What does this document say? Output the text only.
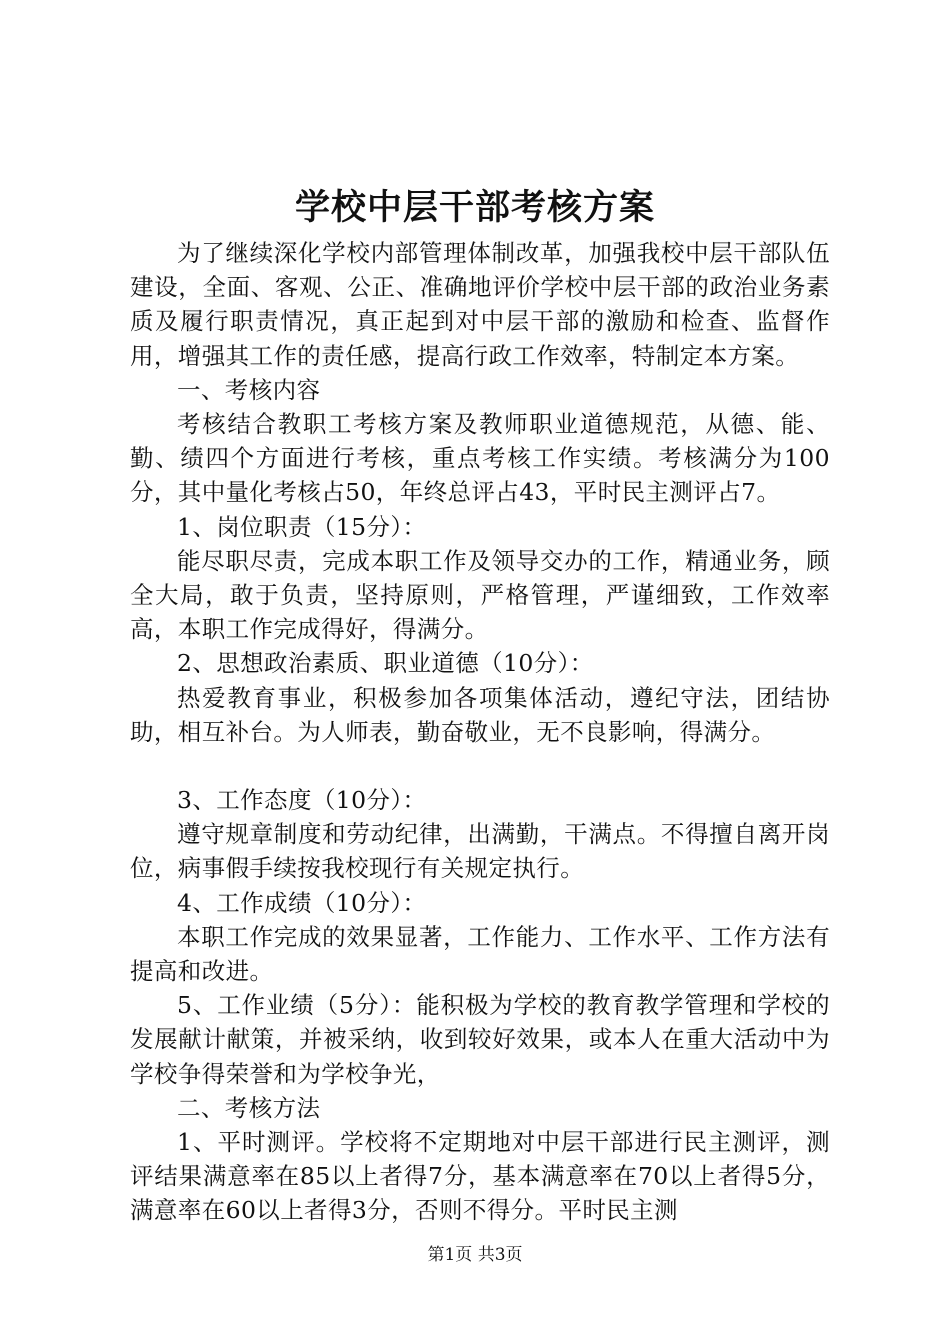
学校中层干部考核方案

为了继续深化学校内部管理体制改革，加强我校中层干部队伍建设，全面、客观、公正、准确地评价学校中层干部的政治业务素质及履行职责情况，真正起到对中层干部的激励和检查、监督作用，增强其工作的责任感，提高行政工作效率，特制定本方案。

一、考核内容

考核结合教职工考核方案及教师职业道德规范，从德、能、勤、绩四个方面进行考核，重点考核工作实绩。考核满分为100分，其中量化考核占50，年终总评占43，平时民主测评占7。

1、岗位职责（15分）：

能尽职尽责，完成本职工作及领导交办的工作，精通业务，顾全大局，敢于负责，坚持原则，严格管理，严谨细致，工作效率高，本职工作完成得好，得满分。

2、思想政治素质、职业道德（10分）：

热爱教育事业，积极参加各项集体活动，遵纪守法，团结协助，相互补台。为人师表，勤奋敬业，无不良影响，得满分。

3、工作态度（10分）：

遵守规章制度和劳动纪律，出满勤，干满点。不得擅自离开岗位，病事假手续按我校现行有关规定执行。

4、工作成绩（10分）：

本职工作完成的效果显著，工作能力、工作水平、工作方法有提高和改进。

5、工作业绩（5分）：能积极为学校的教育教学管理和学校的发展献计献策，并被采纳，收到较好效果，或本人在重大活动中为学校争得荣誉和为学校争光，

二、考核方法

1、平时测评。学校将不定期地对中层干部进行民主测评，测评结果满意率在85以上者得7分，基本满意率在70以上者得5分，满意率在60以上者得3分，否则不得分。平时民主测

第1页 共3页
